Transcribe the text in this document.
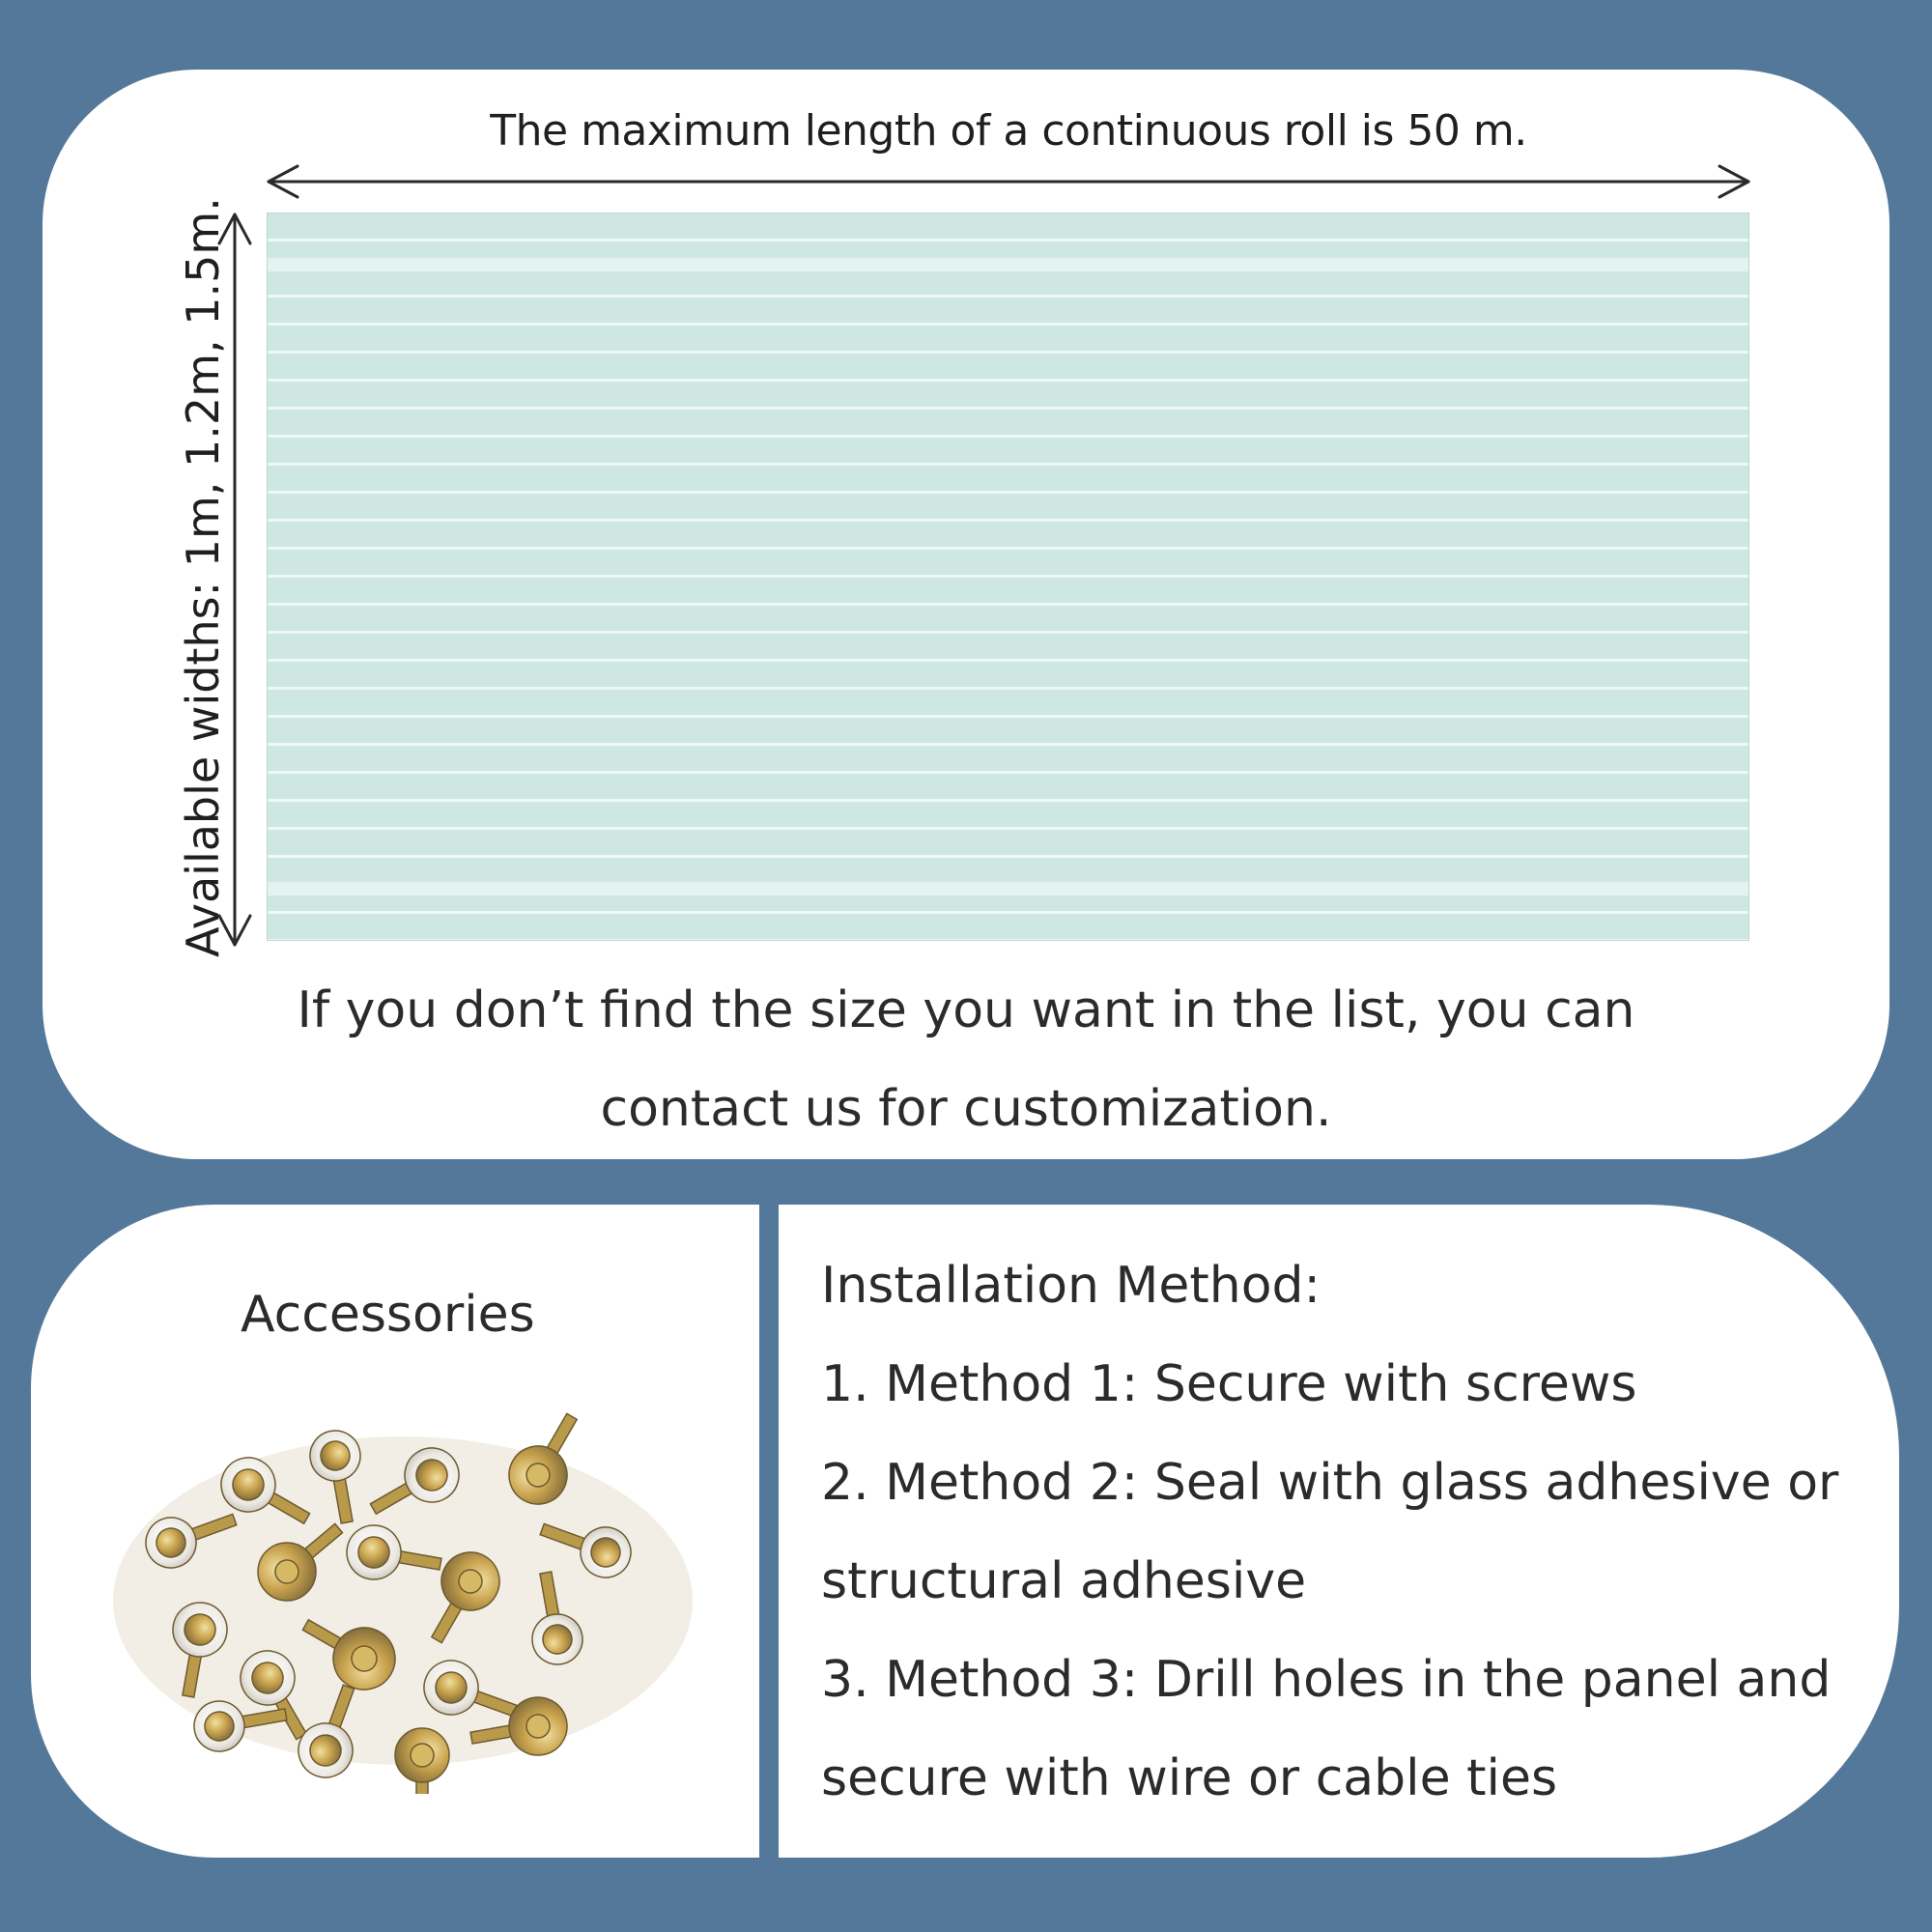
The maximum length of a continuous roll is 50 m.
Available widths: 1m, 1.2m, 1.5m.
If you don’t find the size you want in the list, you can
contact us for customization.
Accessories	Installation Method:
1. Method 1: Secure with screws
2. Method 2: Seal with glass adhesive or
structural adhesive
3. Method 3: Drill holes in the panel and
secure with wire or cable ties
